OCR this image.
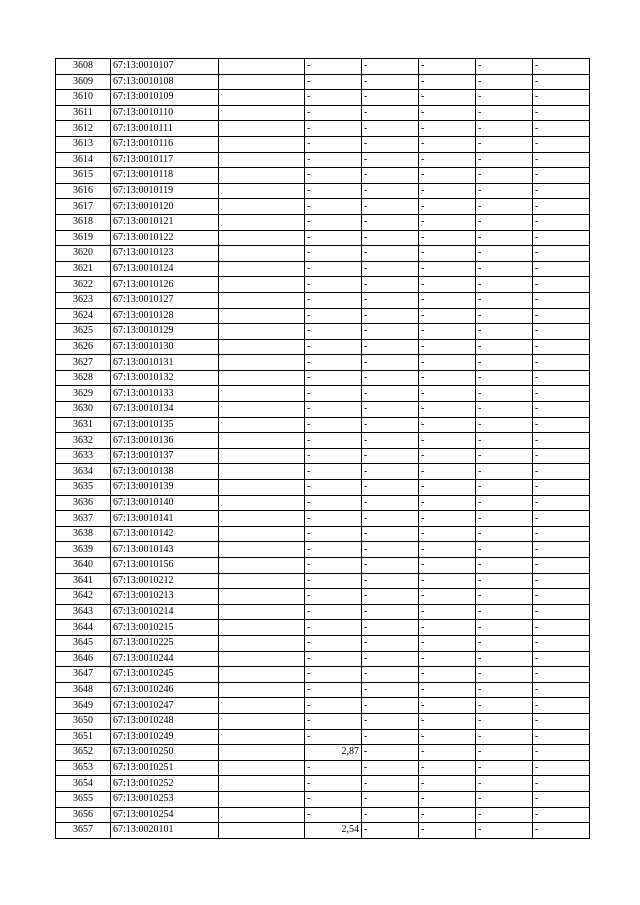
3608	67:13:0010107		-	-	-	-	-
3609	67:13:0010108		-	-	-	-	-
3610	67:13:0010109		-	-	-	-	-
3611	67:13:0010110		-	-	-	-	-
3612	67:13:0010111		-	-	-	-	-
3613	67:13:0010116		-	-	-	-	-
3614	67:13:0010117		-	-	-	-	-
3615	67:13:0010118		-	-	-	-	-
3616	67:13:0010119		-	-	-	-	-
3617	67:13:0010120		-	-	-	-	-
3618	67:13:0010121		-	-	-	-	-
3619	67:13:0010122		-	-	-	-	-
3620	67:13:0010123		-	-	-	-	-
3621	67:13:0010124		-	-	-	-	-
3622	67:13:0010126		-	-	-	-	-
3623	67:13:0010127		-	-	-	-	-
3624	67:13:0010128		-	-	-	-	-
3625	67:13:0010129		-	-	-	-	-
3626	67:13:0010130		-	-	-	-	-
3627	67:13:0010131		-	-	-	-	-
3628	67:13:0010132		-	-	-	-	-
3629	67:13:0010133		-	-	-	-	-
3630	67:13:0010134		-	-	-	-	-
3631	67:13:0010135		-	-	-	-	-
3632	67:13:0010136		-	-	-	-	-
3633	67:13:0010137		-	-	-	-	-
3634	67:13:0010138		-	-	-	-	-
3635	67:13:0010139		-	-	-	-	-
3636	67:13:0010140		-	-	-	-	-
3637	67:13:0010141		-	-	-	-	-
3638	67:13:0010142		-	-	-	-	-
3639	67:13:0010143		-	-	-	-	-
3640	67:13:0010156		-	-	-	-	-
3641	67:13:0010212		-	-	-	-	-
3642	67:13:0010213		-	-	-	-	-
3643	67:13:0010214		-	-	-	-	-
3644	67:13:0010215		-	-	-	-	-
3645	67:13:0010225		-	-	-	-	-
3646	67:13:0010244		-	-	-	-	-
3647	67:13:0010245		-	-	-	-	-
3648	67:13:0010246		-	-	-	-	-
3649	67:13:0010247		-	-	-	-	-
3650	67:13:0010248		-	-	-	-	-
3651	67:13:0010249		-	-	-	-	-
3652	67:13:0010250		2,87	-	-	-	-
3653	67:13:0010251		-	-	-	-	-
3654	67:13:0010252		-	-	-	-	-
3655	67:13:0010253		-	-	-	-	-
3656	67:13:0010254		-	-	-	-	-
3657	67:13:0020101		2,54	-	-	-	-
